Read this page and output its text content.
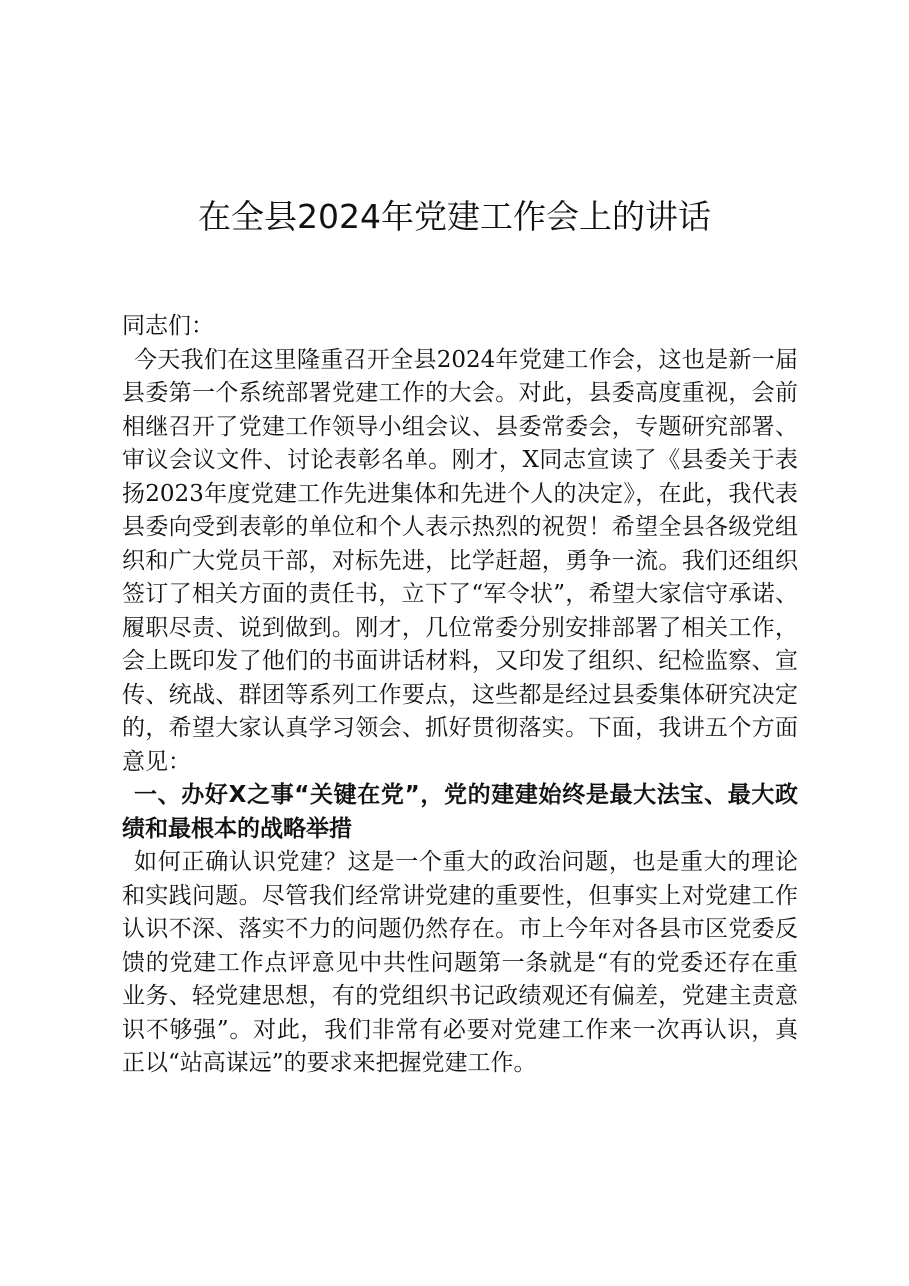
在全县2024年党建工作会上的讲话

同志们：

今天我们在这里隆重召开全县2024年党建工作会，这也是新一届县委第一个系统部署党建工作的大会。对此，县委高度重视，会前相继召开了党建工作领导小组会议、县委常委会，专题研究部署、审议会议文件、讨论表彰名单。刚才，X同志宣读了《县委关于表扬2023年度党建工作先进集体和先进个人的决定》，在此，我代表县委向受到表彰的单位和个人表示热烈的祝贺！希望全县各级党组织和广大党员干部，对标先进，比学赶超，勇争一流。我们还组织签订了相关方面的责任书，立下了“军令状”，希望大家信守承诺、履职尽责、说到做到。刚才，几位常委分别安排部署了相关工作，会上既印发了他们的书面讲话材料，又印发了组织、纪检监察、宣传、统战、群团等系列工作要点，这些都是经过县委集体研究决定的，希望大家认真学习领会、抓好贯彻落实。下面，我讲五个方面意见：

一、办好X之事“关键在党”，党的建建始终是最大法宝、最大政绩和最根本的战略举措

如何正确认识党建？这是一个重大的政治问题，也是重大的理论和实践问题。尽管我们经常讲党建的重要性，但事实上对党建工作认识不深、落实不力的问题仍然存在。市上今年对各县市区党委反馈的党建工作点评意见中共性问题第一条就是“有的党委还存在重业务、轻党建思想，有的党组织书记政绩观还有偏差，党建主责意识不够强”。对此，我们非常有必要对党建工作来一次再认识，真正以“站高谋远”的要求来把握党建工作。
